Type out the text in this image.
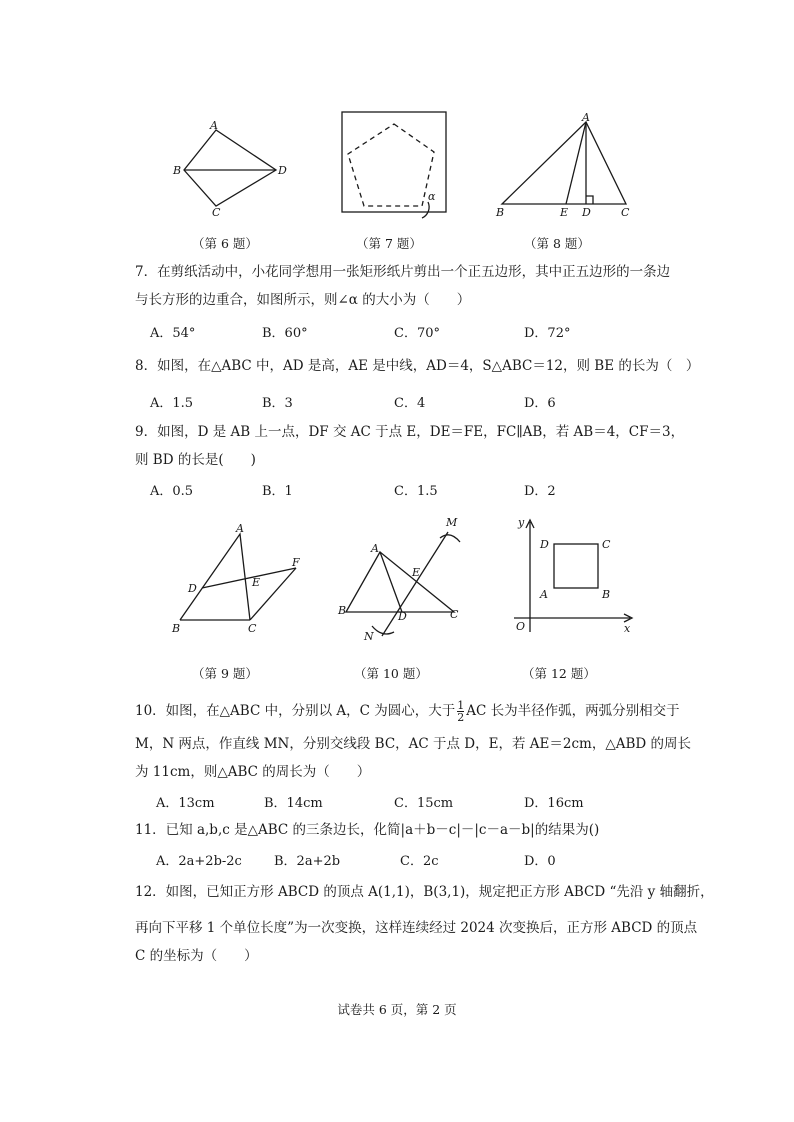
A
B
C
D
（第 6 题）
α
（第 7 题）
A
B	E D	C
（第 8 题）
7．在剪纸活动中，小花同学想用一张矩形纸片剪出一个正五边形，其中正五边形的一条边
与长方形的边重合，如图所示，则∠α 的大小为（　　）
A．54°	B．60°	C．70°	D．72°
8．如图，在△ABC 中，AD 是高，AE 是中线，AD＝4，S△ABC＝12，则 BE 的长为（　）
A．1.5	B．3	C．4	D．6
9．如图，D 是 AB 上一点，DF 交 AC 于点 E，DE＝FE，FC∥AB，若 AB＝4，CF＝3，
则 BD 的长是(　　)
A．0.5	B．1	C．1.5	D．2
A
D	E
F
B	C
（第 9 题）
M
A
E
B	D	C
N
（第 10 题）
y
x
O
D	C
A	B
（第 12 题）
10．如图，在△ABC 中，分别以 A，C 为圆心，大于 $\frac{1}{2}$ AC 长为半径作弧，两弧分别相交于
M，N 两点，作直线 MN，分别交线段 BC，AC 于点 D，E，若 AE＝2cm，△ABD 的周长
为 11cm，则△ABC 的周长为（　　）
A．13cm	B．14cm	C．15cm	D．16cm
11．已知 a,b,c 是△ABC 的三条边长，化简|a＋b－c|－|c－a－b|的结果为()
A．2a+2b-2c B．2a+2b	C．2c	D．0
12．如图，已知正方形 ABCD 的顶点 A(1,1)，B(3,1)，规定把正方形 ABCD “先沿 y 轴翻折，
再向下平移 1 个单位长度”为一次变换，这样连续经过 2024 次变换后，正方形 ABCD 的顶点
C 的坐标为（　　）
试卷共 6 页，第 2 页
